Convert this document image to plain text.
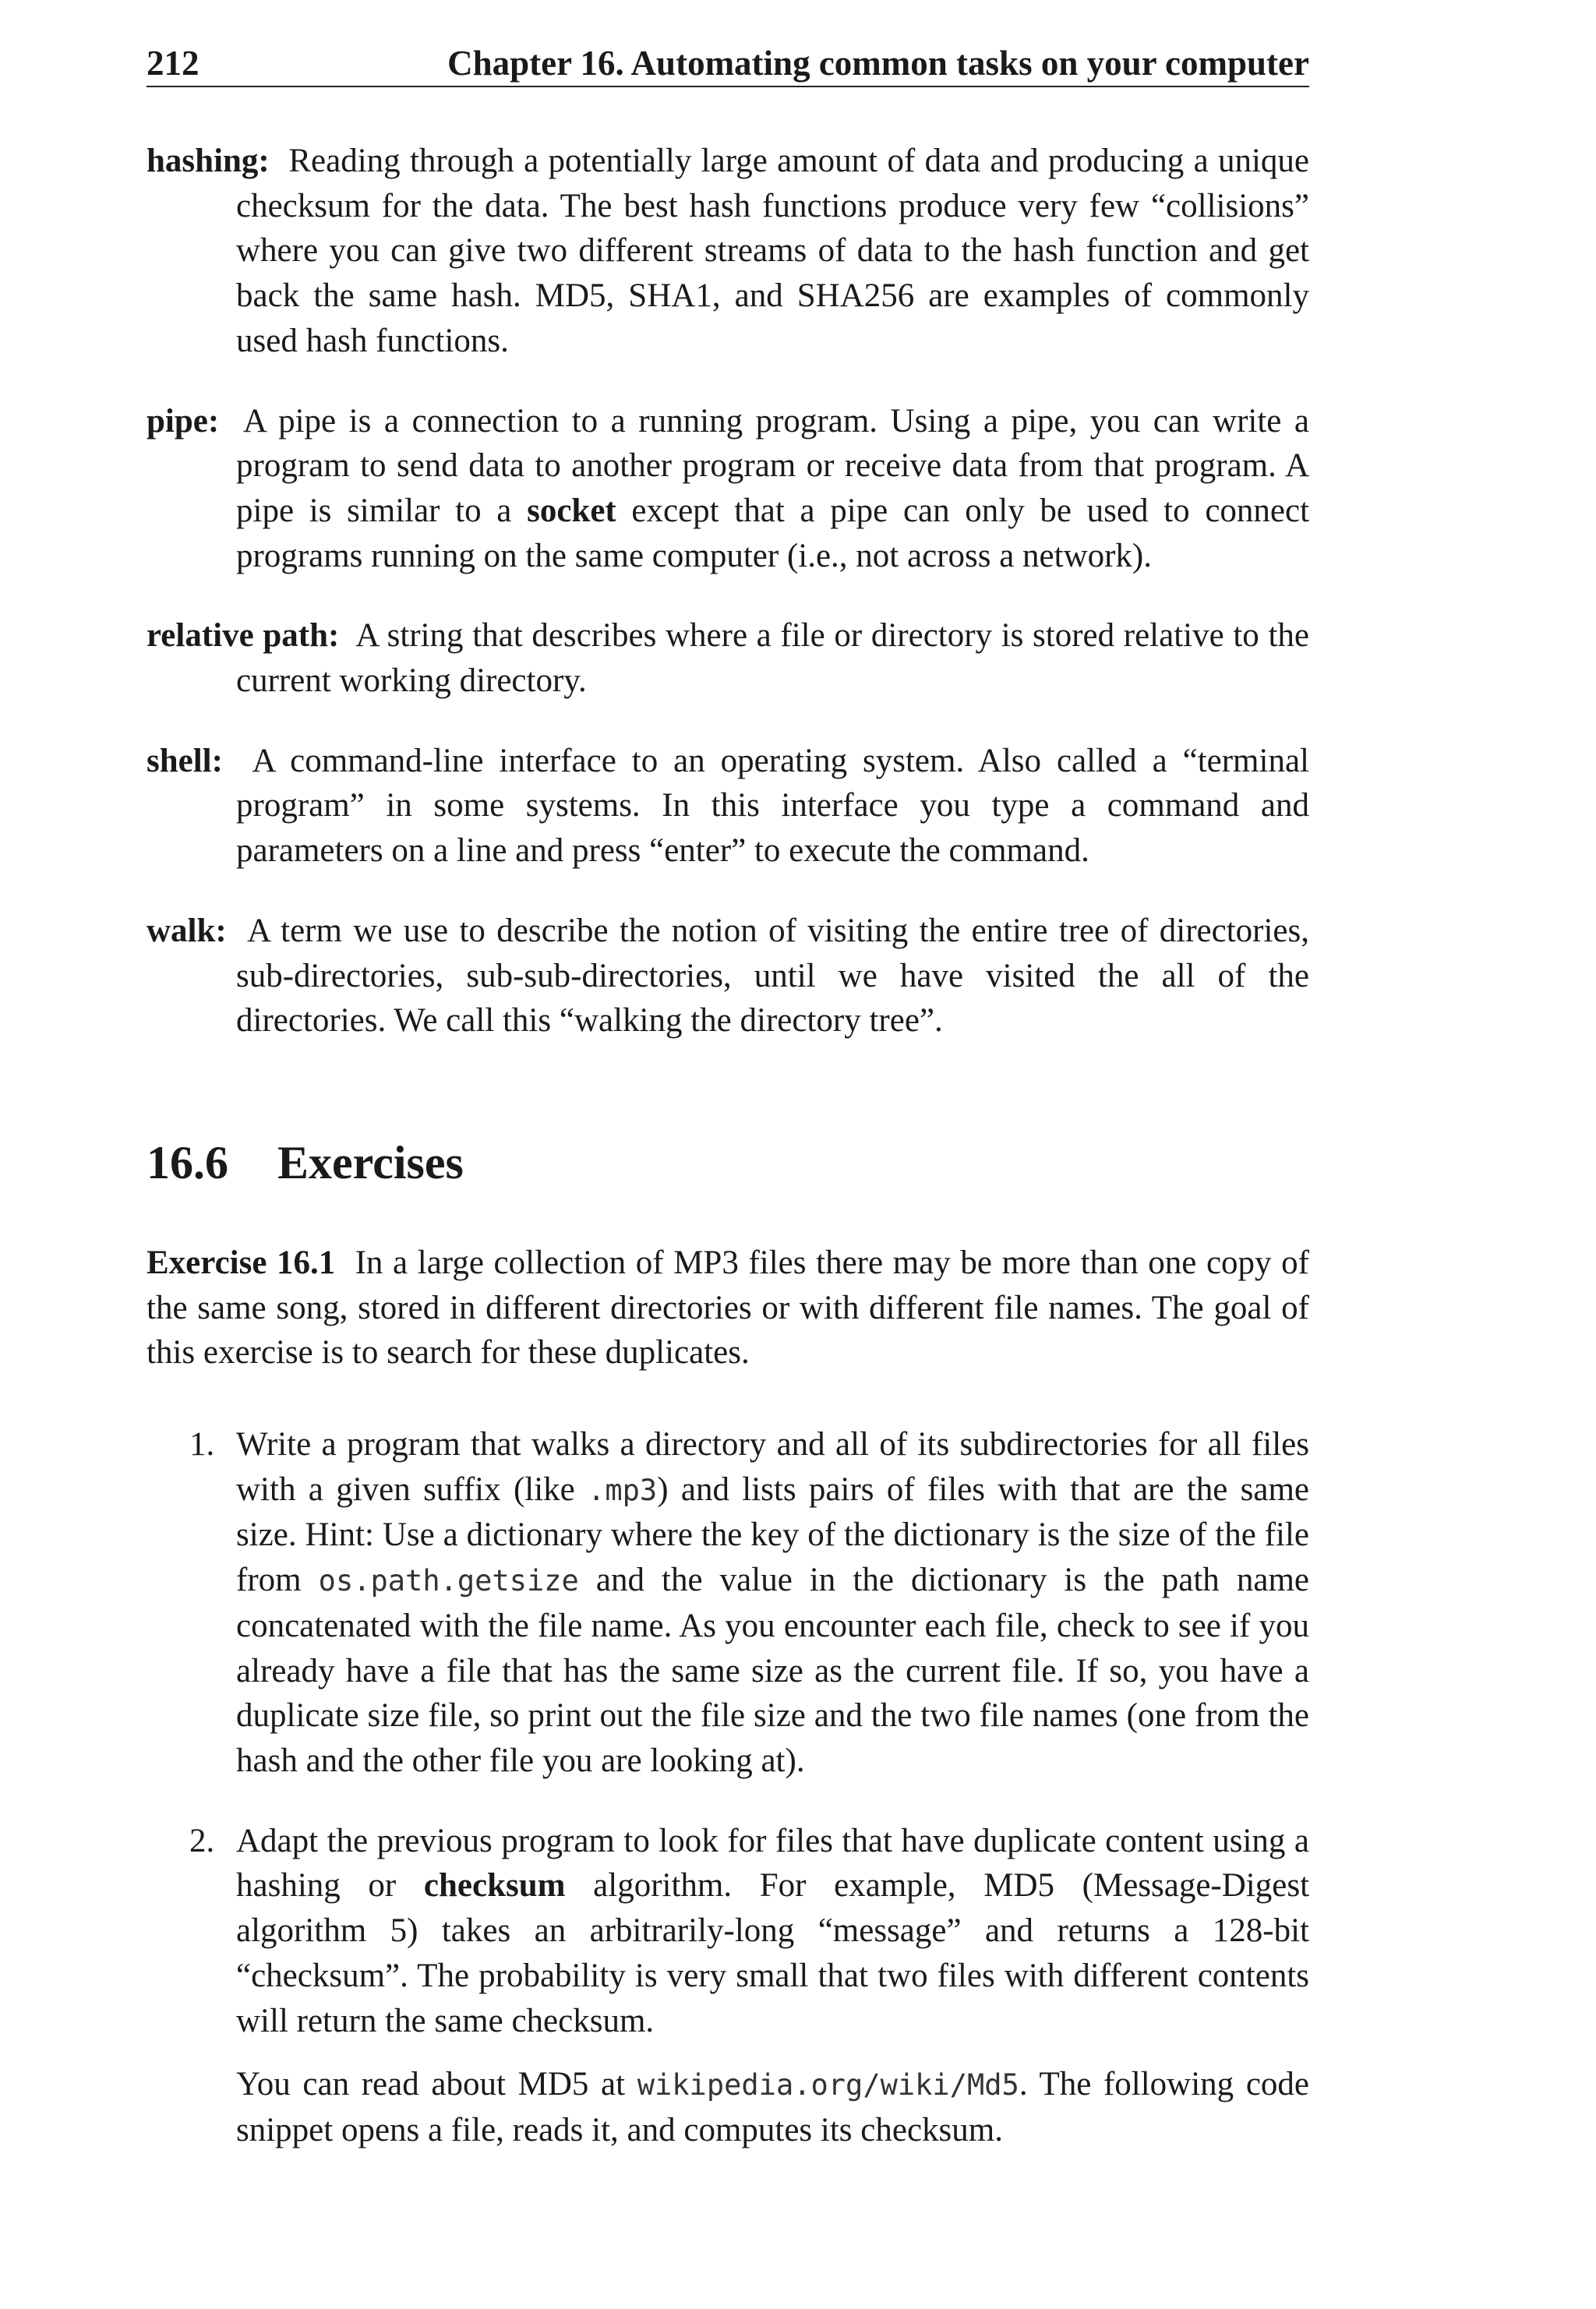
212	Chapter 16. Automating common tasks on your computer

hashing: Reading through a potentially large amount of data and producing a unique checksum for the data. The best hash functions produce very few “collisions” where you can give two different streams of data to the hash function and get back the same hash. MD5, SHA1, and SHA256 are examples of commonly used hash functions.

pipe: A pipe is a connection to a running program. Using a pipe, you can write a program to send data to another program or receive data from that program. A pipe is similar to a socket except that a pipe can only be used to connect programs running on the same computer (i.e., not across a network).

relative path: A string that describes where a file or directory is stored relative to the current working directory.

shell: A command-line interface to an operating system. Also called a “terminal program” in some systems. In this interface you type a command and parameters on a line and press “enter” to execute the command.

walk: A term we use to describe the notion of visiting the entire tree of directories, sub-directories, sub-sub-directories, until we have visited the all of the directories. We call this “walking the directory tree”.

16.6 Exercises

Exercise 16.1 In a large collection of MP3 files there may be more than one copy of the same song, stored in different directories or with different file names. The goal of this exercise is to search for these duplicates.

1. Write a program that walks a directory and all of its subdirectories for all files with a given suffix (like .mp3) and lists pairs of files with that are the same size. Hint: Use a dictionary where the key of the dictionary is the size of the file from os.path.getsize and the value in the dictionary is the path name concatenated with the file name. As you encounter each file, check to see if you already have a file that has the same size as the current file. If so, you have a duplicate size file, so print out the file size and the two file names (one from the hash and the other file you are looking at).

2. Adapt the previous program to look for files that have duplicate content using a hashing or checksum algorithm. For example, MD5 (Message-Digest algorithm 5) takes an arbitrarily-long “message” and returns a 128-bit “checksum”. The probability is very small that two files with different contents will return the same checksum.

You can read about MD5 at wikipedia.org/wiki/Md5. The following code snippet opens a file, reads it, and computes its checksum.
